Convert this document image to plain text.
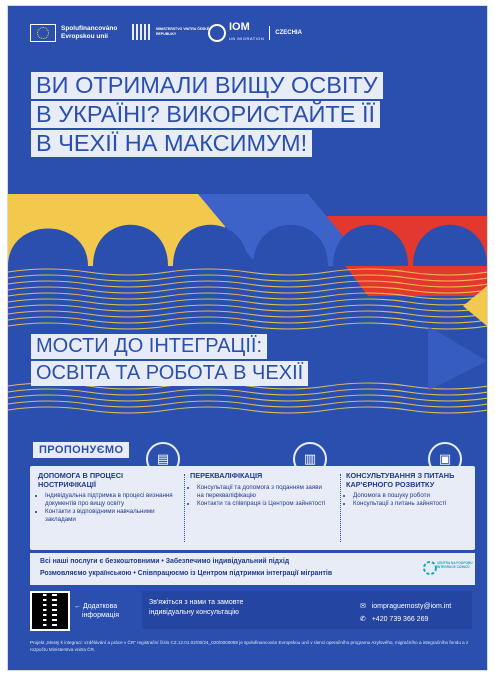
Spolufinancováno Evropskou unií
MINISTERSTVO VNITRA ČESKÉ REPUBLIKY
IOM
UN MIGRATION
CZECHIA
ВИ ОТРИМАЛИ ВИЩУ ОСВІТУ
В УКРАЇНІ? ВИКОРИСТАЙТЕ ЇЇ
В ЧЕХІЇ НА МАКСИМУМ!
МОСТИ ДО ІНТЕГРАЦІЇ:
ОСВІТА ТА РОБОТА В ЧЕХІЇ
ПРОПОНУЄМО
▤	▥	▣
ДОПОМОГА В ПРОЦЕСІ НОСТРИФІКАЦІЇ
• Індивідуальна підтримка в процесі визнання документів про вищу освіту
• Контакти з відповідними навчальними закладами
ПЕРЕКВАЛІФІКАЦІЯ
• Консультації та допомога з поданням заяви на перекваліфікацію
• Контакти та співпраця із Центром зайнятості
КОНСУЛЬТУВАННЯ З ПИТАНЬ КАР'ЄРНОГО РОЗВИТКУ
• Допомога в пошуку роботи
• Консультації з питань зайнятості

Всі наші послуги є безкоштовними • Забезпечимо індивідуальний підхід

Розмовляємо українською • Співпрацюємо із Центром підтримки інтеграції мігрантів

CENTRA NA PODPORU INTEGRACE CIZINCŮ
← Додаткова
інформація
Зв'яжіться з нами та замовте
індивідуальну консультацію
✉ iompraguemosty@iom.int
✆ +420 739 366 269
Projekt „Mosty k integraci: vzdělávání a práce v ČR" registrační číslo CZ.12.01.02/00/24_020/0000058 je spolufinancován Evropskou unií v rámci operačního programu Azylového, migračního a integračního fondu a z rozpočtu Ministerstva vnitra ČR.
